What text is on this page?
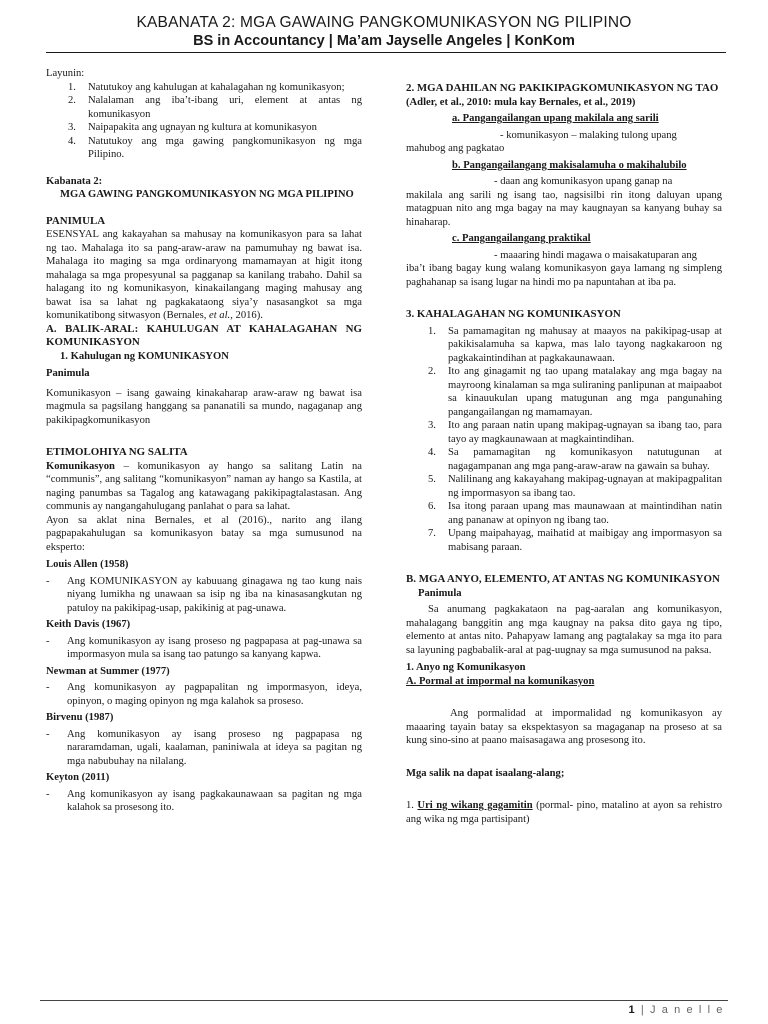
KABANATA 2: MGA GAWAING PANGKOMUNIKASYON NG PILIPINO
BS in Accountancy | Ma’am Jayselle Angeles | KonKom
Layunin:
1.	Natutukoy ang kahulugan at kahalagahan ng komunikasyon;
2.	Nalalaman ang iba’t-ibang uri, element at antas ng komunikasyon
3.	Naipapakita ang ugnayan ng kultura at komunikasyon
4.	Natutukoy ang mga gawing pangkomunikasyon ng mga Pilipino.
Kabanata 2:
MGA GAWING PANGKOMUNIKASYON NG MGA PILIPINO
PANIMULA
ESENSYAL ang kakayahan sa mahusay na komunikasyon para sa lahat ng tao. Mahalaga ito sa pang-araw-araw na pamumuhay ng bawat isa. Mahalaga ito maging sa mga ordinaryong mamamayan at higit itong mahalaga sa mga propesyunal sa pagganap sa kanilang trabaho. Dahil sa halagang ito ng komunikasyon, kinakailangang maging mahusay ang bawat isa sa lahat ng pagkakataong siya’y nasasangkot sa mga komunikatibong sitwasyon (Bernales, et al., 2016).
A. BALIK-ARAL: KAHULUGAN AT KAHALAGAHAN NG KOMUNIKASYON
1. Kahulugan ng KOMUNIKASYON
Panimula
Komunikasyon – isang gawaing kinakaharap araw-araw ng bawat isa magmula sa pagsilang hanggang sa pananatili sa mundo, nagaganap ang pakikipagkomunikasyon
ETIMOLOHIYA NG SALITA
Komunikasyon – komunikasyon ay hango sa salitang Latin na “communis”, ang salitang “komunikasyon” naman ay hango sa Kastila, at naging panumbas sa Tagalog ang katawagang pakikipagtalastasan. Ang communis ay nangangahulugang panlahat o para sa lahat.
Ayon sa aklat nina Bernales, et al (2016)., narito ang ilang pagpapakahulugan sa komunikasyon batay sa mga sumusunod na eksperto:
Louis Allen (1958)
-	Ang KOMUNIKASYON ay kabuuang ginagawa ng tao kung nais niyang lumikha ng unawaan sa isip ng iba na kinasasangkutan ng patuloy na pakikipag-usap, pakikinig at pag-unawa.
Keith Davis (1967)
-	Ang komunikasyon ay isang proseso ng pagpapasa at pag-unawa sa impormasyon mula sa isang tao patungo sa kanyang kapwa.
Newman at Summer (1977)
-	Ang komunikasyon ay pagpapalitan ng impormasyon, ideya, opinyon, o maging opinyon ng mga kalahok sa proseso.
Birvenu (1987)
-	Ang komunikasyon ay isang proseso ng pagpapasa ng nararamdaman, ugali, kaalaman, paniniwala at ideya sa pagitan ng mga nabubuhay na nilalang.
Keyton (2011)
-	Ang komunikasyon ay isang pagkakaunawaan sa pagitan ng mga kalahok sa prosesong ito.
2. MGA DAHILAN NG PAKIKIPAGKOMUNIKASYON NG TAO
(Adler, et al., 2010: mula kay Bernales, et al., 2019)
a. Pangangailangan upang makilala ang sarili
- komunikasyon – malaking tulong upang
mahubog ang pagkatao
b. Pangangailangang makisalamuha o makihalubilo
- daan ang komunikasyon upang ganap na
makilala ang sarili ng isang tao, nagsisilbi rin itong daluyan upang matagpuan nito ang mga bagay na may kaugnayan sa kanyang buhay sa hinaharap.
c. Pangangailangang praktikal
- maaaring hindi magawa o maisakatuparan ang
iba’t ibang bagay kung walang komunikasyon gaya lamang ng simpleng paghahanap sa isang lugar na hindi mo pa napuntahan at iba pa.
3. KAHALAGAHAN NG KOMUNIKASYON
1.	Sa pamamagitan ng mahusay at maayos na pakikipag-usap at pakikisalamuha sa kapwa, mas lalo tayong nagkakaroon ng pagkakaintindihan at pagkakaunawaan.
2.	Ito ang ginagamit ng tao upang matalakay ang mga bagay na mayroong kinalaman sa mga suliraning panlipunan at maipaabot sa kinauukulan upang matugunan ang mga pangunahing pangangailangan ng mamamayan.
3.	Ito ang paraan natin upang makipag-ugnayan sa ibang tao, para tayo ay magkaunawaan at magkaintindihan.
4.	Sa pamamagitan ng komunikasyon natutugunan at nagagampanan ang mga pang-araw-araw na gawain sa buhay.
5.	Nalilinang ang kakayahang makipag-ugnayan at makipagpalitan ng impormasyon sa ibang tao.
6.	Isa itong paraan upang mas maunawaan at maintindihan natin ang pananaw at opinyon ng ibang tao.
7.	Upang maipahayag, maihatid at maibigay ang impormasyon sa mabisang paraan.
B. MGA ANYO, ELEMENTO, AT ANTAS NG KOMUNIKASYON
Panimula
Sa anumang pagkakataon na pag-aaralan ang komunikasyon, mahalagang banggitin ang mga kaugnay na paksa dito gaya ng tipo, elemento at antas nito. Pahapyaw lamang ang pagtalakay sa mga ito para sa layuning pagbabalik-aral at pag-uugnay sa mga sumusunod na paksa.
1. Anyo ng Komunikasyon
A. Pormal at impormal na komunikasyon
Ang pormalidad at impormalidad ng komunikasyon ay maaaring tayain batay sa ekspektasyon sa magaganap na proseso at sa kung sino-sino at paano maisasagawa ang prosesong ito.
Mga salik na dapat isaalang-alang;
1. Uri ng wikang gagamitin (pormal- pino, matalino at ayon sa rehistro ang wika ng mga partisipant)
1 | J a n e l l e
